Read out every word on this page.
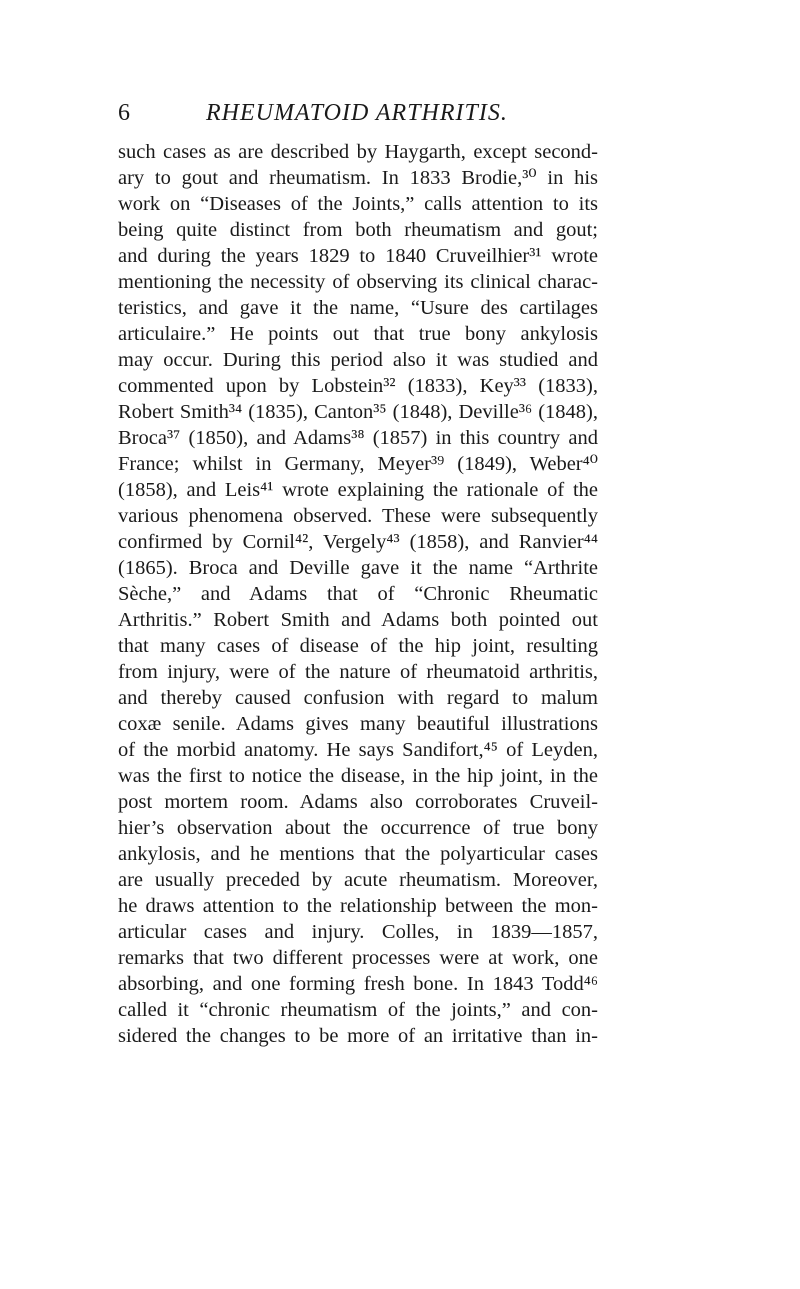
6	RHEUMATOID ARTHRITIS.
such cases as are described by Haygarth, except second-
ary to gout and rheumatism. In 1833 Brodie,³⁰ in his
work on “Diseases of the Joints,” calls attention to its
being quite distinct from both rheumatism and gout;
and during the years 1829 to 1840 Cruveilhier³¹ wrote
mentioning the necessity of observing its clinical charac-
teristics, and gave it the name, “Usure des cartilages
articulaire.” He points out that true bony ankylosis
may occur. During this period also it was studied and
commented upon by Lobstein³² (1833), Key³³ (1833),
Robert Smith³⁴ (1835), Canton³⁵ (1848), Deville³⁶ (1848),
Broca³⁷ (1850), and Adams³⁸ (1857) in this country and
France; whilst in Germany, Meyer³⁹ (1849), Weber⁴⁰
(1858), and Leis⁴¹ wrote explaining the rationale of the
various phenomena observed. These were subsequently
confirmed by Cornil⁴², Vergely⁴³ (1858), and Ranvier⁴⁴
(1865). Broca and Deville gave it the name “Arthrite
Sèche,” and Adams that of “Chronic Rheumatic
Arthritis.” Robert Smith and Adams both pointed out
that many cases of disease of the hip joint, resulting
from injury, were of the nature of rheumatoid arthritis,
and thereby caused confusion with regard to malum
coxæ senile. Adams gives many beautiful illustrations
of the morbid anatomy. He says Sandifort,⁴⁵ of Leyden,
was the first to notice the disease, in the hip joint, in the
post mortem room. Adams also corroborates Cruveil-
hier’s observation about the occurrence of true bony
ankylosis, and he mentions that the polyarticular cases
are usually preceded by acute rheumatism. Moreover,
he draws attention to the relationship between the mon-
articular cases and injury. Colles, in 1839—1857,
remarks that two different processes were at work, one
absorbing, and one forming fresh bone. In 1843 Todd⁴⁶
called it “chronic rheumatism of the joints,” and con-
sidered the changes to be more of an irritative than in-
